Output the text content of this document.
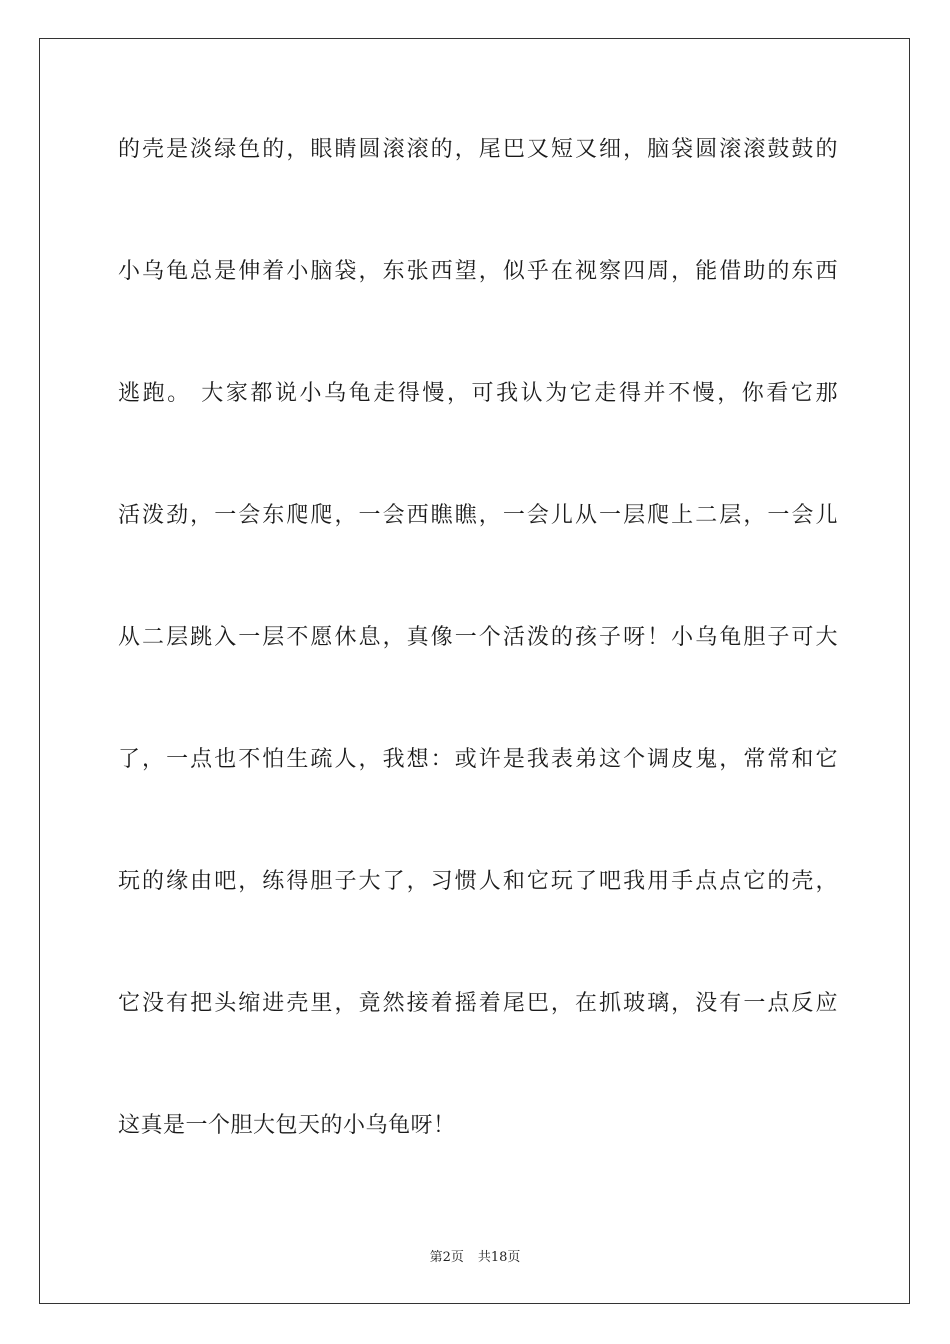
的壳是淡绿色的，眼睛圆滚滚的，尾巴又短又细，脑袋圆滚滚鼓鼓的
小乌龟总是伸着小脑袋，东张西望，似乎在视察四周，能借助的东西
逃跑。 大家都说小乌龟走得慢，可我认为它走得并不慢，你看它那
活泼劲，一会东爬爬，一会西瞧瞧，一会儿从一层爬上二层，一会儿
从二层跳入一层不愿休息，真像一个活泼的孩子呀！小乌龟胆子可大
了，一点也不怕生疏人，我想：或许是我表弟这个调皮鬼，常常和它
玩的缘由吧，练得胆子大了，习惯人和它玩了吧我用手点点它的壳，
它没有把头缩进壳里，竟然接着摇着尾巴，在抓玻璃，没有一点反应
这真是一个胆大包天的小乌龟呀！
第2页 共18页
